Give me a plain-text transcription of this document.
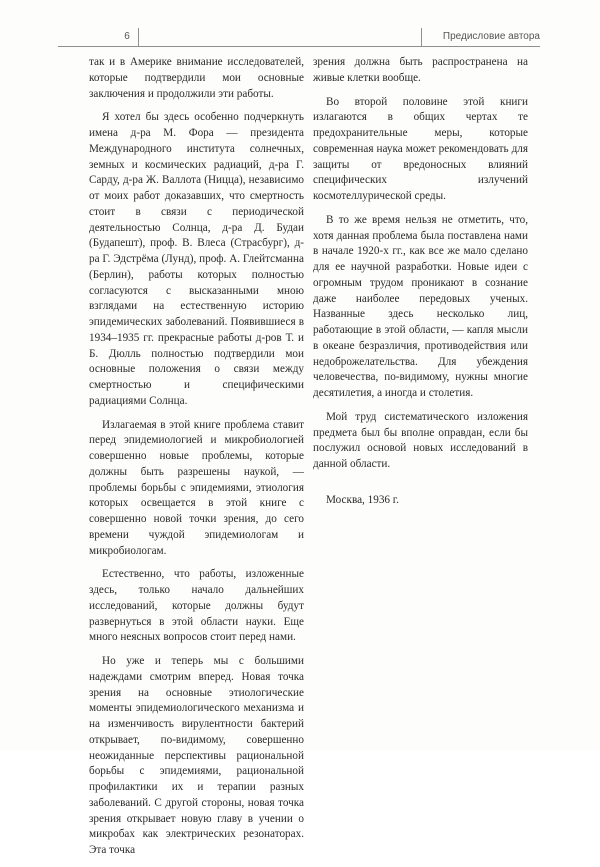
6	Предисловие автора

так и в Америке внимание исследователей, которые подтвердили мои основные заключения и продолжили эти работы.

Я хотел бы здесь особенно подчеркнуть имена д-ра М. Фора — президента Международного института солнечных, земных и космических радиаций, д-ра Г. Сарду, д-ра Ж. Валлота (Ницца), независимо от моих работ доказавших, что смертность стоит в связи с периодической деятельностью Солнца, д-ра Д. Будаи (Будапешт), проф. В. Влеса (Страсбург), д-ра Г. Эдстрёма (Лунд), проф. А. Глейтсманна (Берлин), работы которых полностью согласуются с высказанными мною взглядами на естественную историю эпидемических заболеваний. Появившиеся в 1934–1935 гг. прекрасные работы д-ров Т. и Б. Дюлль полностью подтвердили мои основные положения о связи между смертностью и специфическими радиациями Солнца.

Излагаемая в этой книге проблема ставит перед эпидемиологией и микробиологией совершенно новые проблемы, которые должны быть разрешены наукой, — проблемы борьбы с эпидемиями, этиология которых освещается в этой книге с совершенно новой точки зрения, до сего времени чуждой эпидемиологам и микробиологам.

Естественно, что работы, изложенные здесь, только начало дальнейших исследований, которые должны будут развернуться в этой области науки. Еще много неясных вопросов стоит перед нами.

Но уже и теперь мы с большими надеждами смотрим вперед. Новая точка зрения на основные этиологические моменты эпидемиологического механизма и на изменчивость вирулентности бактерий открывает, по-видимому, совершенно неожиданные перспективы рациональной борьбы с эпидемиями, рациональной профилактики их и терапии разных заболеваний. С другой стороны, новая точка зрения открывает новую главу в учении о микробах как электрических резонаторах. Эта точка

зрения должна быть распространена на живые клетки вообще.

Во второй половине этой книги излагаются в общих чертах те предохранительные меры, которые современная наука может рекомендовать для защиты от вредоносных влияний специфических излучений космотеллурической среды.

В то же время нельзя не отметить, что, хотя данная проблема была поставлена нами в начале 1920-х гг., как все же мало сделано для ее научной разработки. Новые идеи с огромным трудом проникают в сознание даже наиболее передовых ученых. Названные здесь несколько лиц, работающие в этой области, — капля мысли в океане безразличия, противодействия или недоброжелательства. Для убеждения человечества, по-видимому, нужны многие десятилетия, а иногда и столетия.

Мой труд систематического изложения предмета был бы вполне оправдан, если бы послужил основой новых исследований в данной области.

Москва, 1936 г.
